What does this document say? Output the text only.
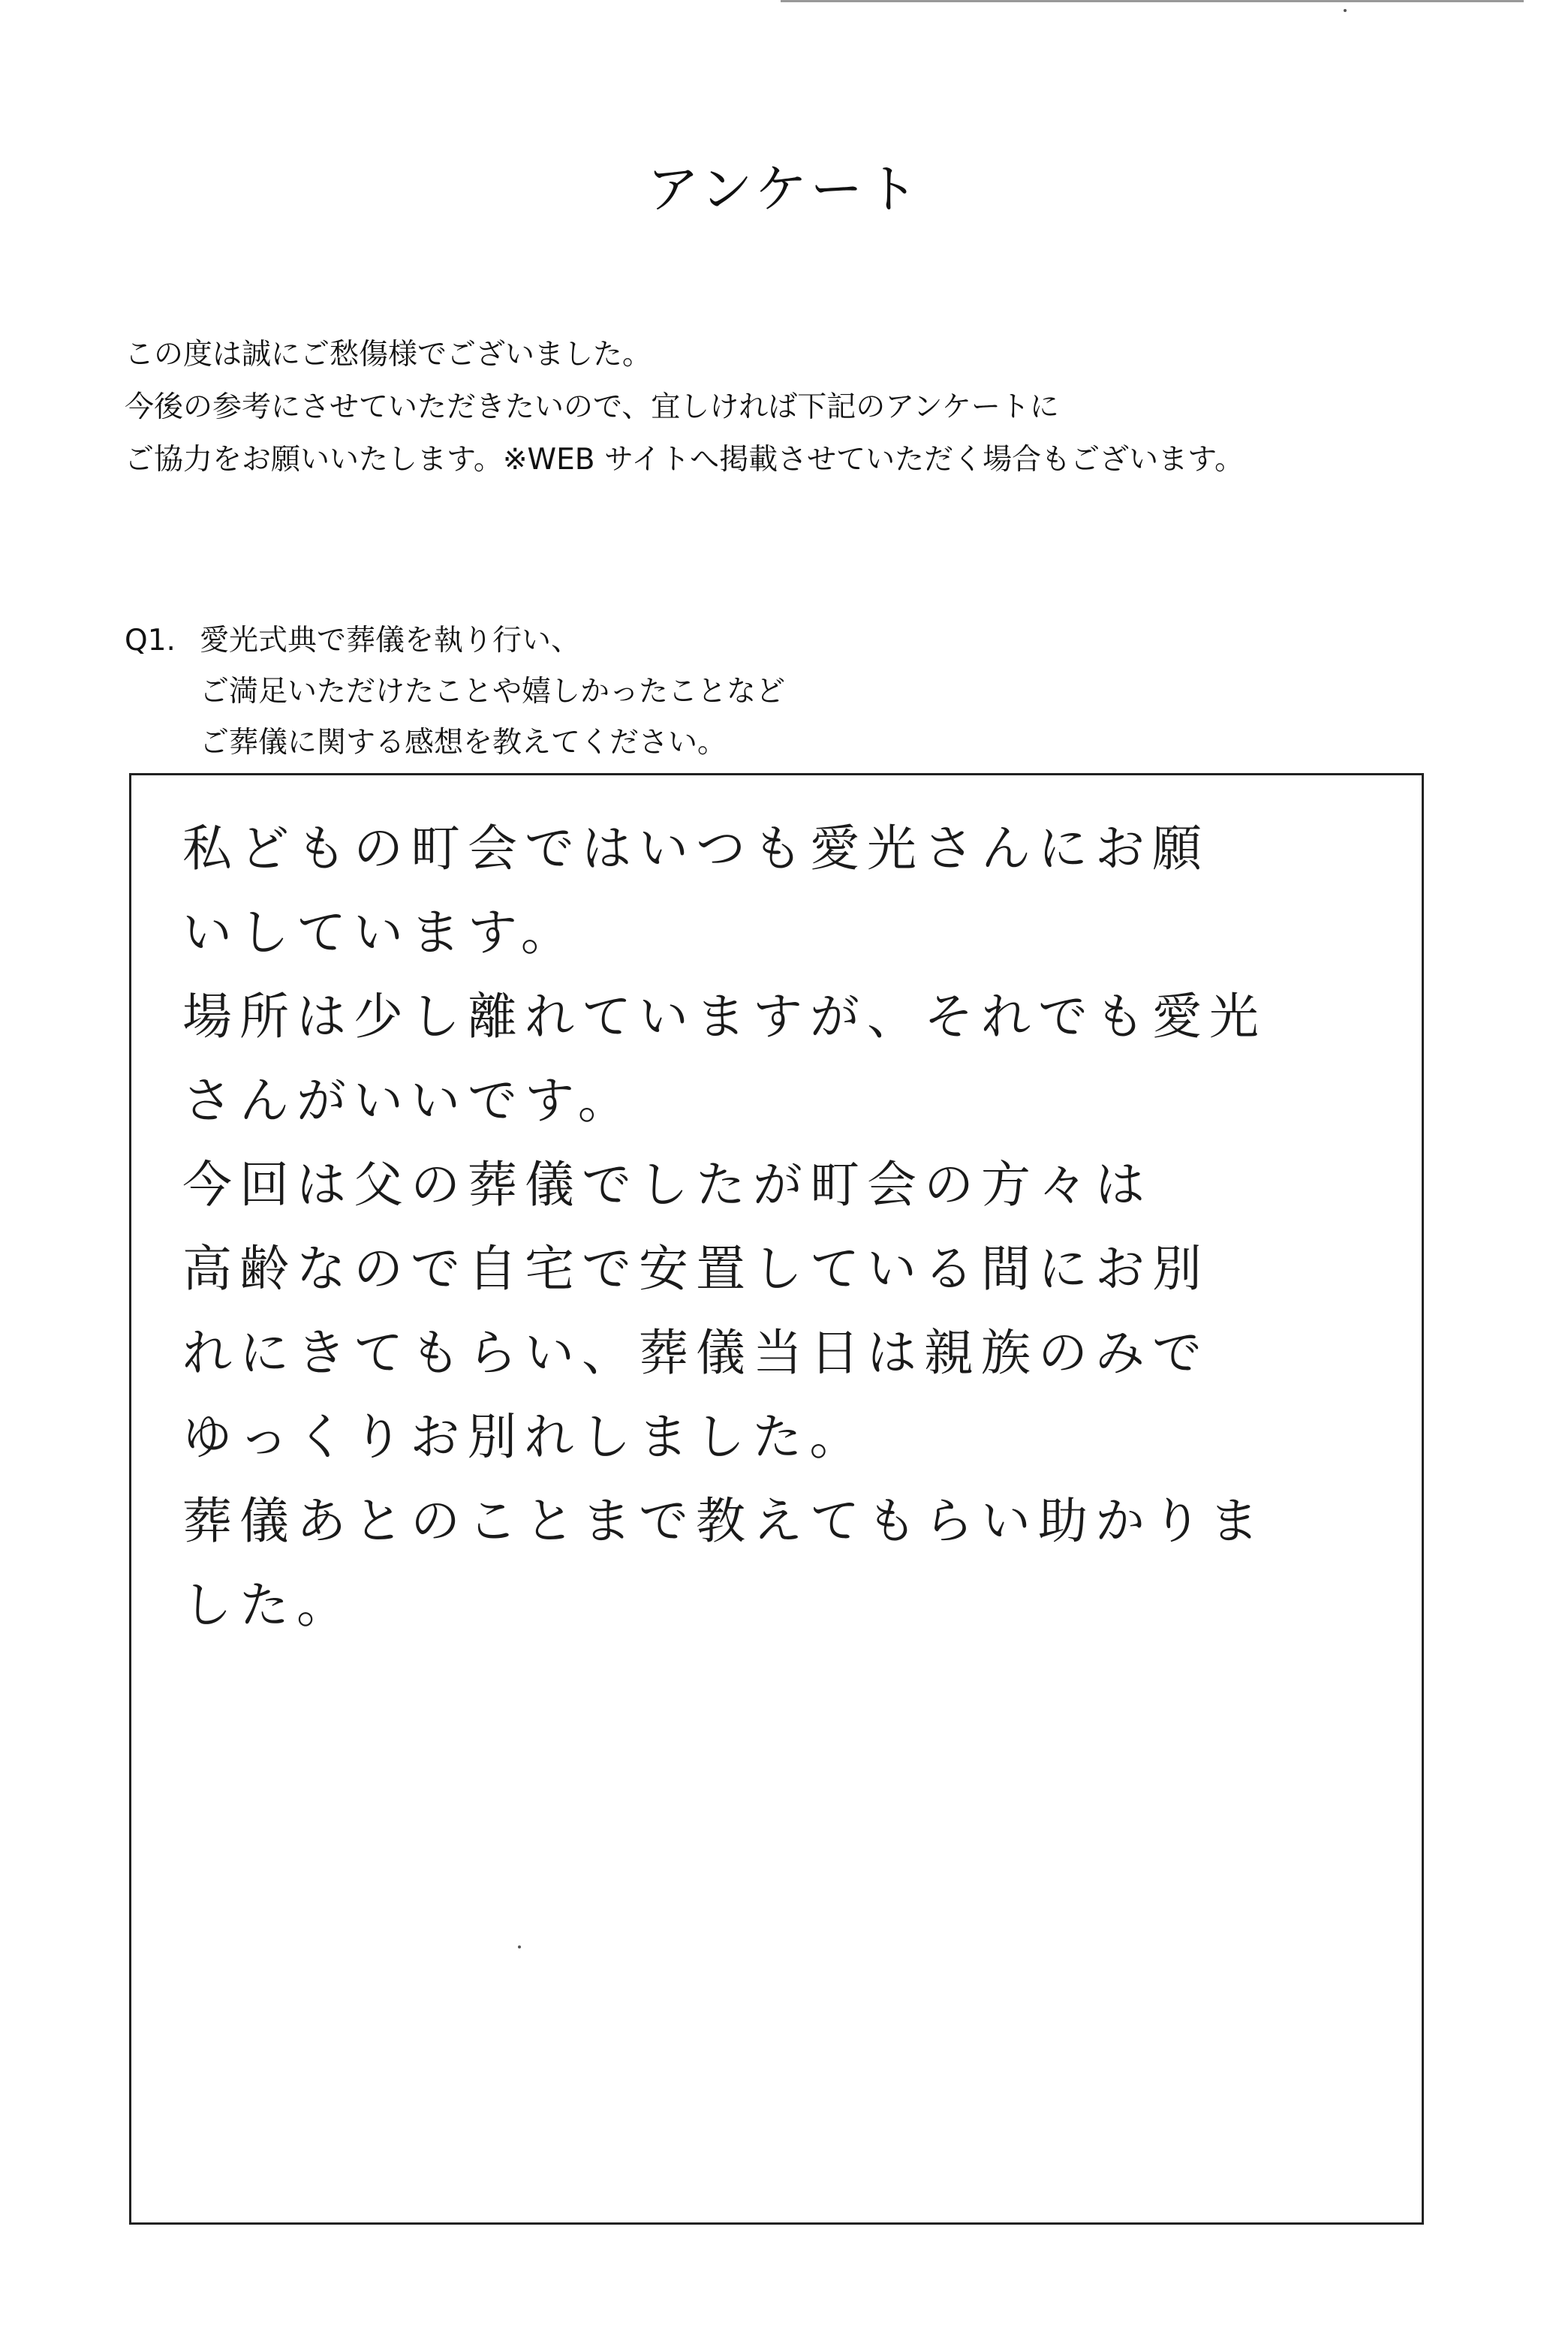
アンケート
この度は誠にご愁傷様でございました。
今後の参考にさせていただきたいので、宜しければ下記のアンケートに
ご協力をお願いいたします。※WEB サイトへ掲載させていただく場合もございます。
Q1. 愛光式典で葬儀を執り行い、
ご満足いただけたことや嬉しかったことなど
ご葬儀に関する感想を教えてください。
私どもの町会ではいつも愛光さんにお願
いしています。
場所は少し離れていますが、それでも愛光
さんがいいです。
今回は父の葬儀でしたが町会の方々は
高齢なので自宅で安置している間にお別
れにきてもらい、葬儀当日は親族のみで
ゆっくりお別れしました。
葬儀あとのことまで教えてもらい助かりま
した。
